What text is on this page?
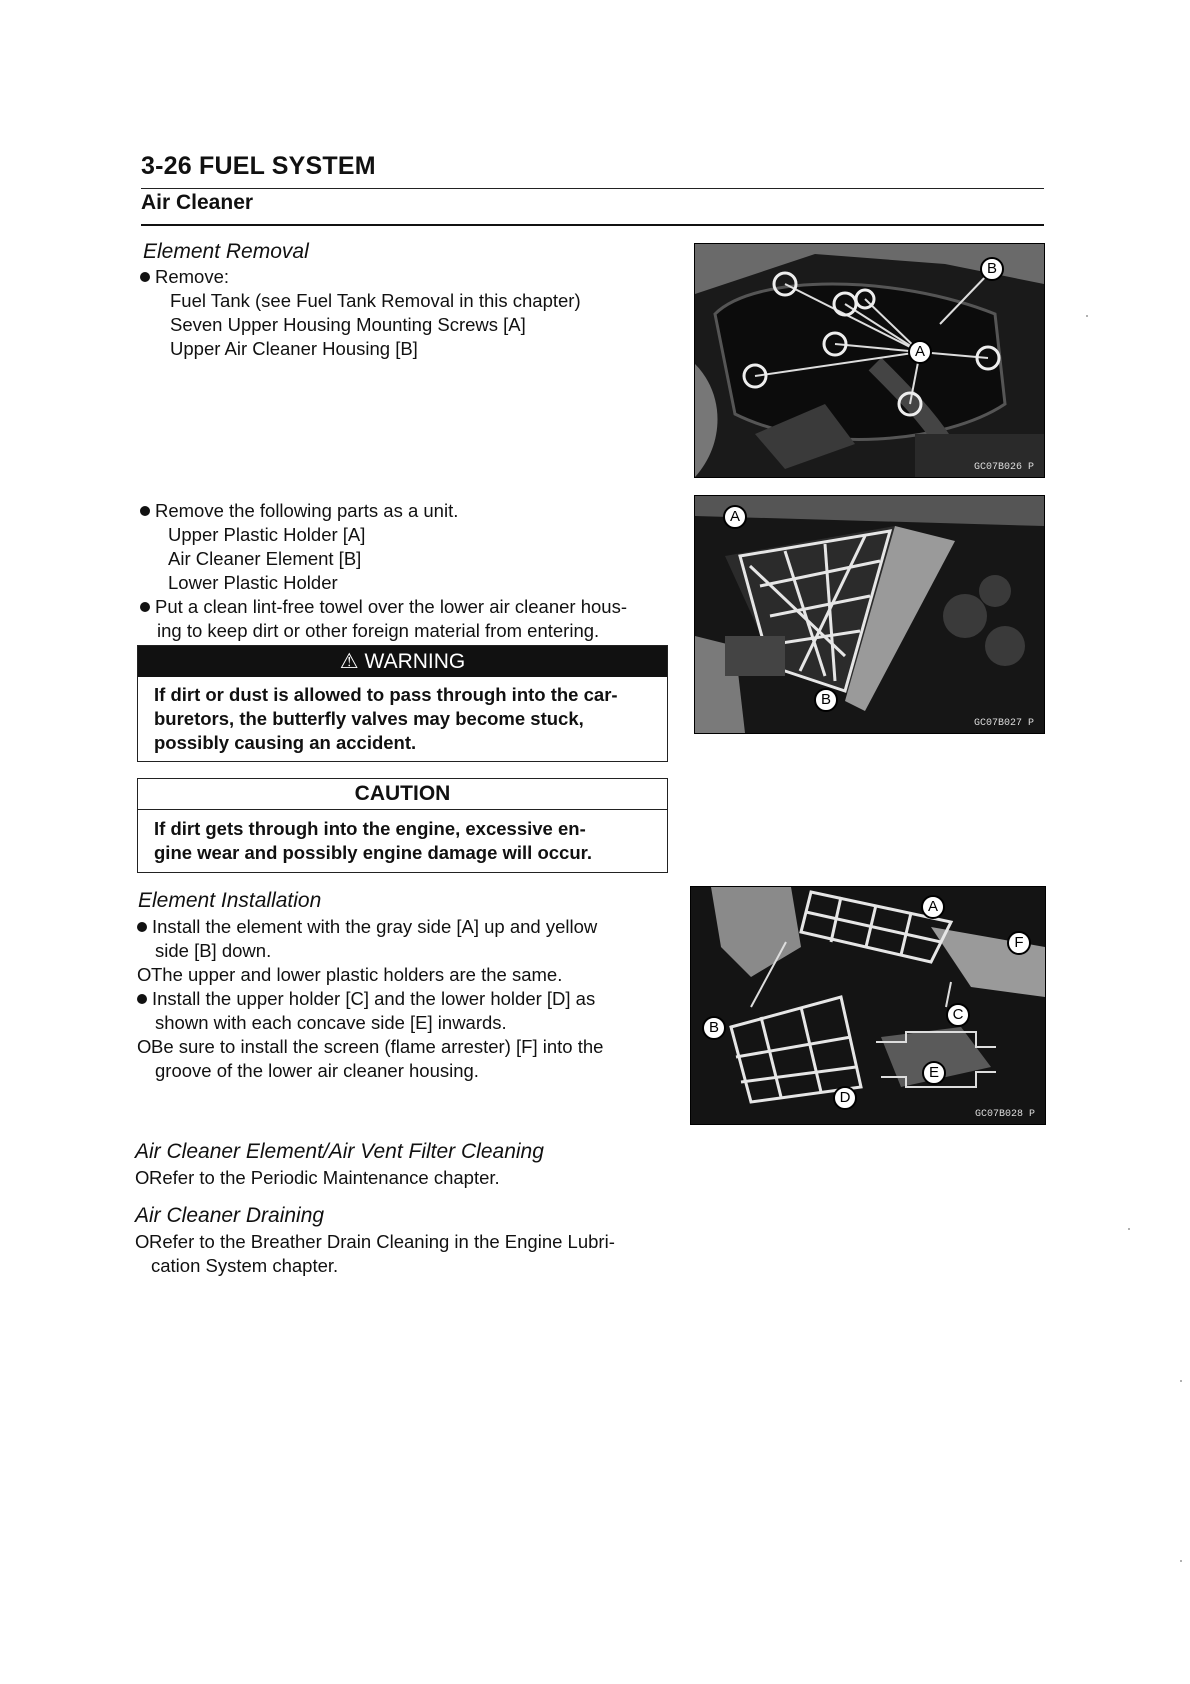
3-26 FUEL SYSTEM
Air Cleaner
Element Removal
Remove:
Fuel Tank (see Fuel Tank Removal in this chapter)
Seven Upper Housing Mounting Screws [A]
Upper Air Cleaner Housing [B]
Remove the following parts as a unit.
Upper Plastic Holder [A]
Air Cleaner Element [B]
Lower Plastic Holder
Put a clean lint-free towel over the lower air cleaner hous-
ing to keep dirt or other foreign material from entering.
⚠ WARNING
If dirt or dust is allowed to pass through into the car-
buretors, the butterfly valves may become stuck,
possibly causing an accident.
CAUTION
If dirt gets through into the engine, excessive en-
gine wear and possibly engine damage will occur.
Element Installation
Install the element with the gray side [A] up and yellow
side [B] down.
OThe upper and lower plastic holders are the same.
Install the upper holder [C] and the lower holder [D] as
shown with each concave side [E] inwards.
OBe sure to install the screen (flame arrester) [F] into the
groove of the lower air cleaner housing.
Air Cleaner Element/Air Vent Filter Cleaning
ORefer to the Periodic Maintenance chapter.
Air Cleaner Draining
ORefer to the Breather Drain Cleaning in the Engine Lubri-
cation System chapter.
B
A
GC07B026 P
A
B
GC07B027 P
A
F
C
B
E
D
GC07B028 P
